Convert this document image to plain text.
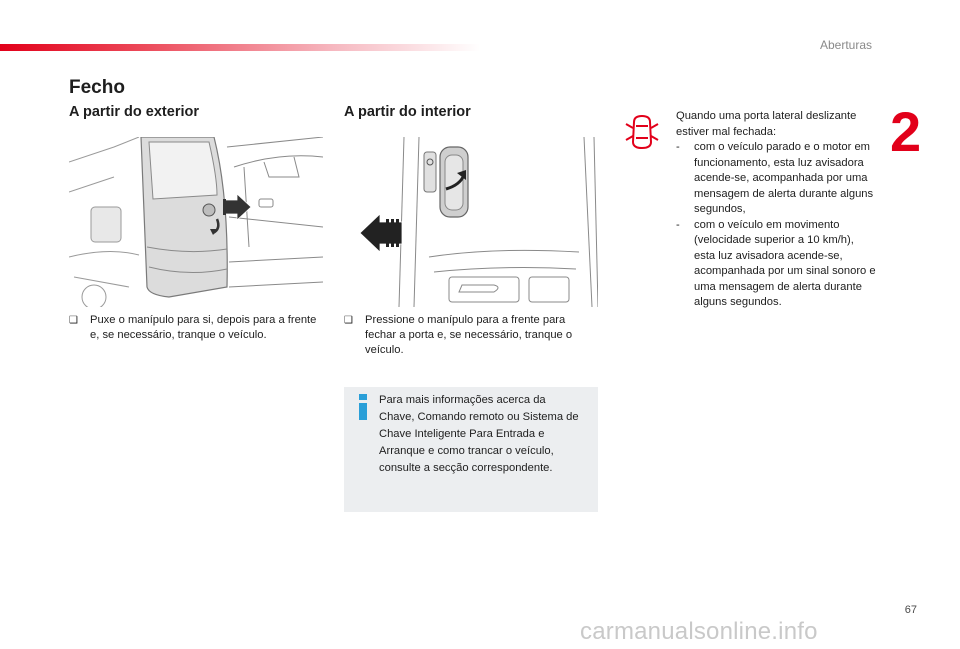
Aberturas
2
Fecho
A partir do exterior
❑	Puxe o manípulo para si, depois para a frente e, se necessário, tranque o veículo.
A partir do interior
❑	Pressione o manípulo para a frente para fechar a porta e, se necessário, tranque o veículo.
Para mais informações acerca da Chave, Comando remoto ou Sistema de Chave Inteligente Para Entrada e Arranque e como trancar o veículo, consulte a secção correspondente.
Quando uma porta lateral deslizante estiver mal fechada:
- com o veículo parado e o motor em funcionamento, esta luz avisadora acende-se, acompanhada por uma mensagem de alerta durante alguns segundos,
- com o veículo em movimento (velocidade superior a 10 km/h), esta luz avisadora acende-se, acompanhada por um sinal sonoro e uma mensagem de alerta durante alguns segundos.
67
carmanualsonline.info
